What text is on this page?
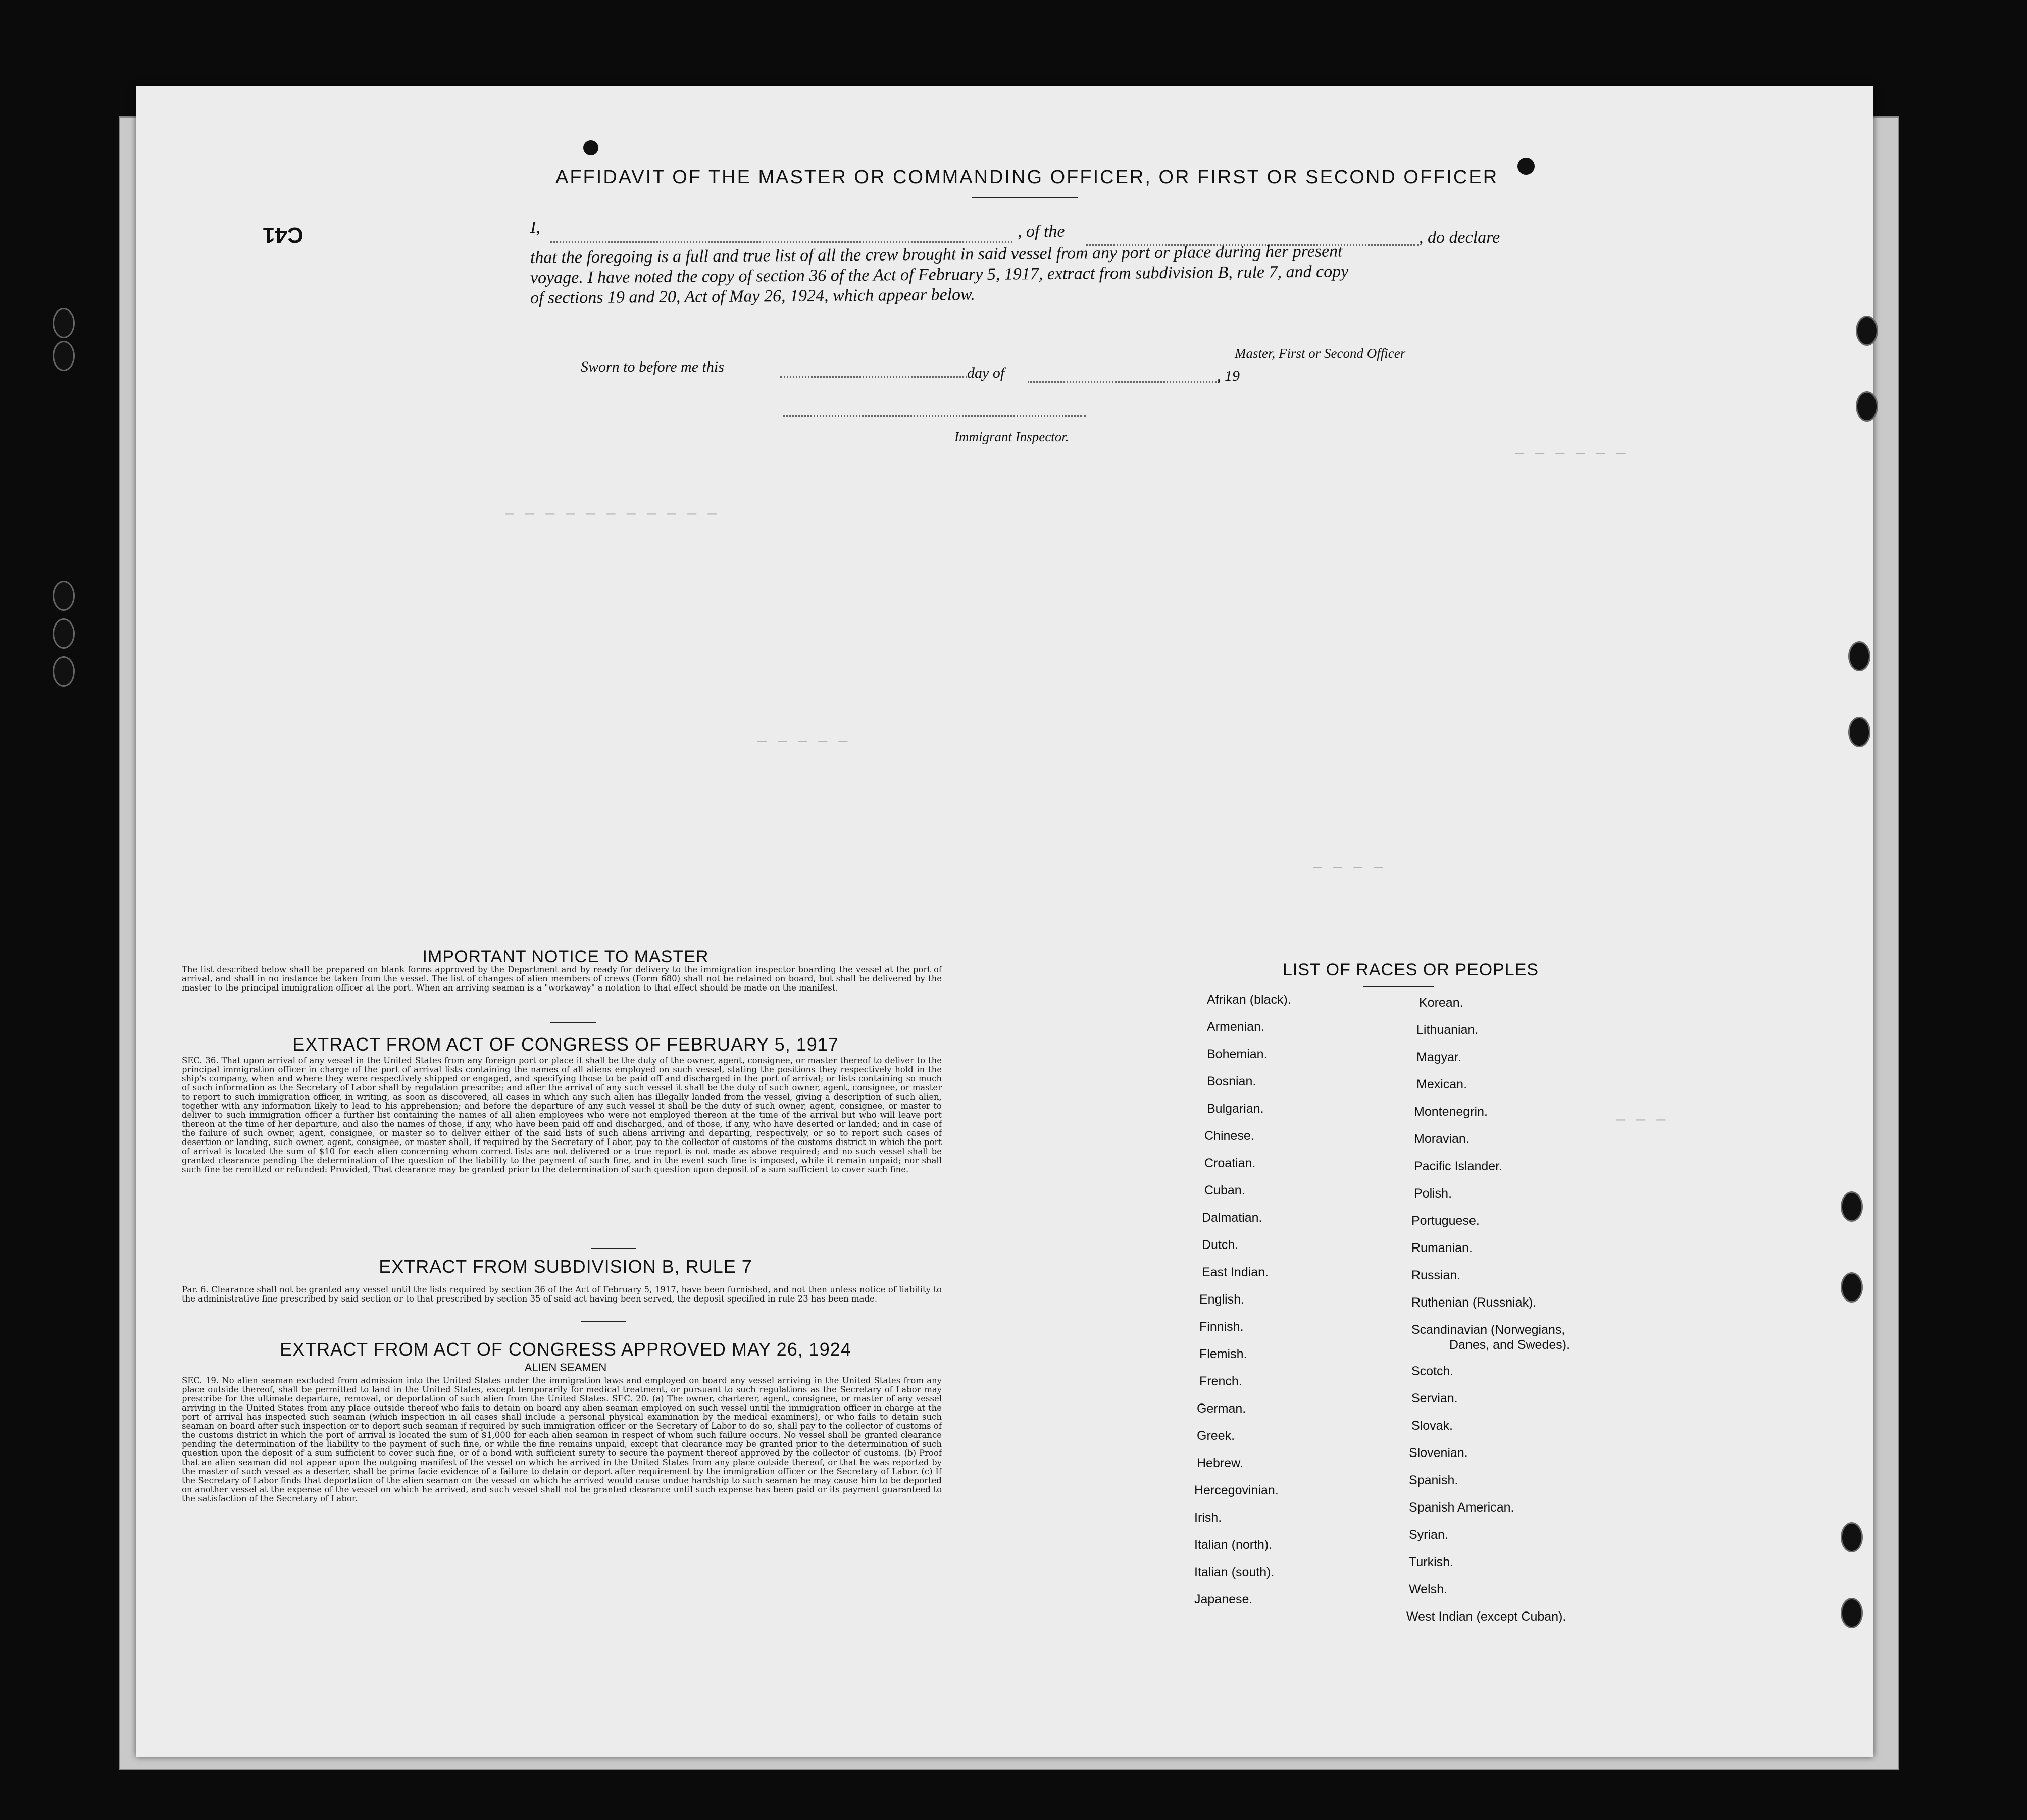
— — — — — —
— — — — — — — — — — —
— — — — —
— — — —
— — —
C41
AFFIDAVIT OF THE MASTER OR COMMANDING OFFICER, OR FIRST OR SECOND OFFICER
I,	, of the	, do declare
that the foregoing is a full and true list of all the crew brought in said vessel from any port or place during her present
voyage. I have noted the copy of section 36 of the Act of February 5, 1917, extract from subdivision B, rule 7, and copy
of sections 19 and 20, Act of May 26, 1924, which appear below.
Master, First or Second Officer
Sworn to before me this	day of	, 19
Immigrant Inspector.
IMPORTANT NOTICE TO MASTER
The list described below shall be prepared on blank forms approved by the Department and by ready for delivery to the immigration inspector boarding the vessel at the port of arrival, and shall in no instance be taken from the vessel. The list of changes of alien members of crews (Form 680) shall not be retained on board, but shall be delivered by the master to the principal immigration officer at the port. When an arriving seaman is a "workaway" a notation to that effect should be made on the manifest.
EXTRACT FROM ACT OF CONGRESS OF FEBRUARY 5, 1917
SEC. 36. That upon arrival of any vessel in the United States from any foreign port or place it shall be the duty of the owner, agent, consignee, or master thereof to deliver to the principal immigration officer in charge of the port of arrival lists containing the names of all aliens employed on such vessel, stating the positions they respectively hold in the ship's company, when and where they were respectively shipped or engaged, and specifying those to be paid off and discharged in the port of arrival; or lists containing so much of such information as the Secretary of Labor shall by regulation prescribe; and after the arrival of any such vessel it shall be the duty of such owner, agent, consignee, or master to report to such immigration officer, in writing, as soon as discovered, all cases in which any such alien has illegally landed from the vessel, giving a description of such alien, together with any information likely to lead to his apprehension; and before the departure of any such vessel it shall be the duty of such owner, agent, consignee, or master to deliver to such immigration officer a further list containing the names of all alien employees who were not employed thereon at the time of the arrival but who will leave port thereon at the time of her departure, and also the names of those, if any, who have been paid off and discharged, and of those, if any, who have deserted or landed; and in case of the failure of such owner, agent, consignee, or master so to deliver either of the said lists of such aliens arriving and departing, respectively, or so to report such cases of desertion or landing, such owner, agent, consignee, or master shall, if required by the Secretary of Labor, pay to the collector of customs of the customs district in which the port of arrival is located the sum of $10 for each alien concerning whom correct lists are not delivered or a true report is not made as above required; and no such vessel shall be granted clearance pending the determination of the question of the liability to the payment of such fine, and in the event such fine is imposed, while it remain unpaid; nor shall such fine be remitted or refunded: Provided, That clearance may be granted prior to the determination of such question upon deposit of a sum sufficient to cover such fine.
EXTRACT FROM SUBDIVISION B, RULE 7
Par. 6. Clearance shall not be granted any vessel until the lists required by section 36 of the Act of February 5, 1917, have been furnished, and not then unless notice of liability to the administrative fine prescribed by said section or to that prescribed by section 35 of said act having been served, the deposit specified in rule 23 has been made.
EXTRACT FROM ACT OF CONGRESS APPROVED MAY 26, 1924
ALIEN SEAMEN
SEC. 19. No alien seaman excluded from admission into the United States under the immigration laws and employed on board any vessel arriving in the United States from any place outside thereof, shall be permitted to land in the United States, except temporarily for medical treatment, or pursuant to such regulations as the Secretary of Labor may prescribe for the ultimate departure, removal, or deportation of such alien from the United States. SEC. 20. (a) The owner, charterer, agent, consignee, or master of any vessel arriving in the United States from any place outside thereof who fails to detain on board any alien seaman employed on such vessel until the immigration officer in charge at the port of arrival has inspected such seaman (which inspection in all cases shall include a personal physical examination by the medical examiners), or who fails to detain such seaman on board after such inspection or to deport such seaman if required by such immigration officer or the Secretary of Labor to do so, shall pay to the collector of customs of the customs district in which the port of arrival is located the sum of $1,000 for each alien seaman in respect of whom such failure occurs. No vessel shall be granted clearance pending the determination of the liability to the payment of such fine, or while the fine remains unpaid, except that clearance may be granted prior to the determination of such question upon the deposit of a sum sufficient to cover such fine, or of a bond with sufficient surety to secure the payment thereof approved by the collector of customs. (b) Proof that an alien seaman did not appear upon the outgoing manifest of the vessel on which he arrived in the United States from any place outside thereof, or that he was reported by the master of such vessel as a deserter, shall be prima facie evidence of a failure to detain or deport after requirement by the immigration officer or the Secretary of Labor. (c) If the Secretary of Labor finds that deportation of the alien seaman on the vessel on which he arrived would cause undue hardship to such seaman he may cause him to be deported on another vessel at the expense of the vessel on which he arrived, and such vessel shall not be granted clearance until such expense has been paid or its payment guaranteed to the satisfaction of the Secretary of Labor.
LIST OF RACES OR PEOPLES
Afrikan (black).
Armenian.
Bohemian.
Bosnian.
Bulgarian.
Chinese.
Croatian.
Cuban.
Dalmatian.
Dutch.
East Indian.
English.
Finnish.
Flemish.
French.
German.
Greek.
Hebrew.
Hercegovinian.
Irish.
Italian (north).
Italian (south).
Japanese.
Korean.
Lithuanian.
Magyar.
Mexican.
Montenegrin.
Moravian.
Pacific Islander.
Polish.
Portuguese.
Rumanian.
Russian.
Ruthenian (Russniak).
Scandinavian (Norwegians,
Danes, and Swedes).
Scotch.
Servian.
Slovak.
Slovenian.
Spanish.
Spanish American.
Syrian.
Turkish.
Welsh.
West Indian (except Cuban).
